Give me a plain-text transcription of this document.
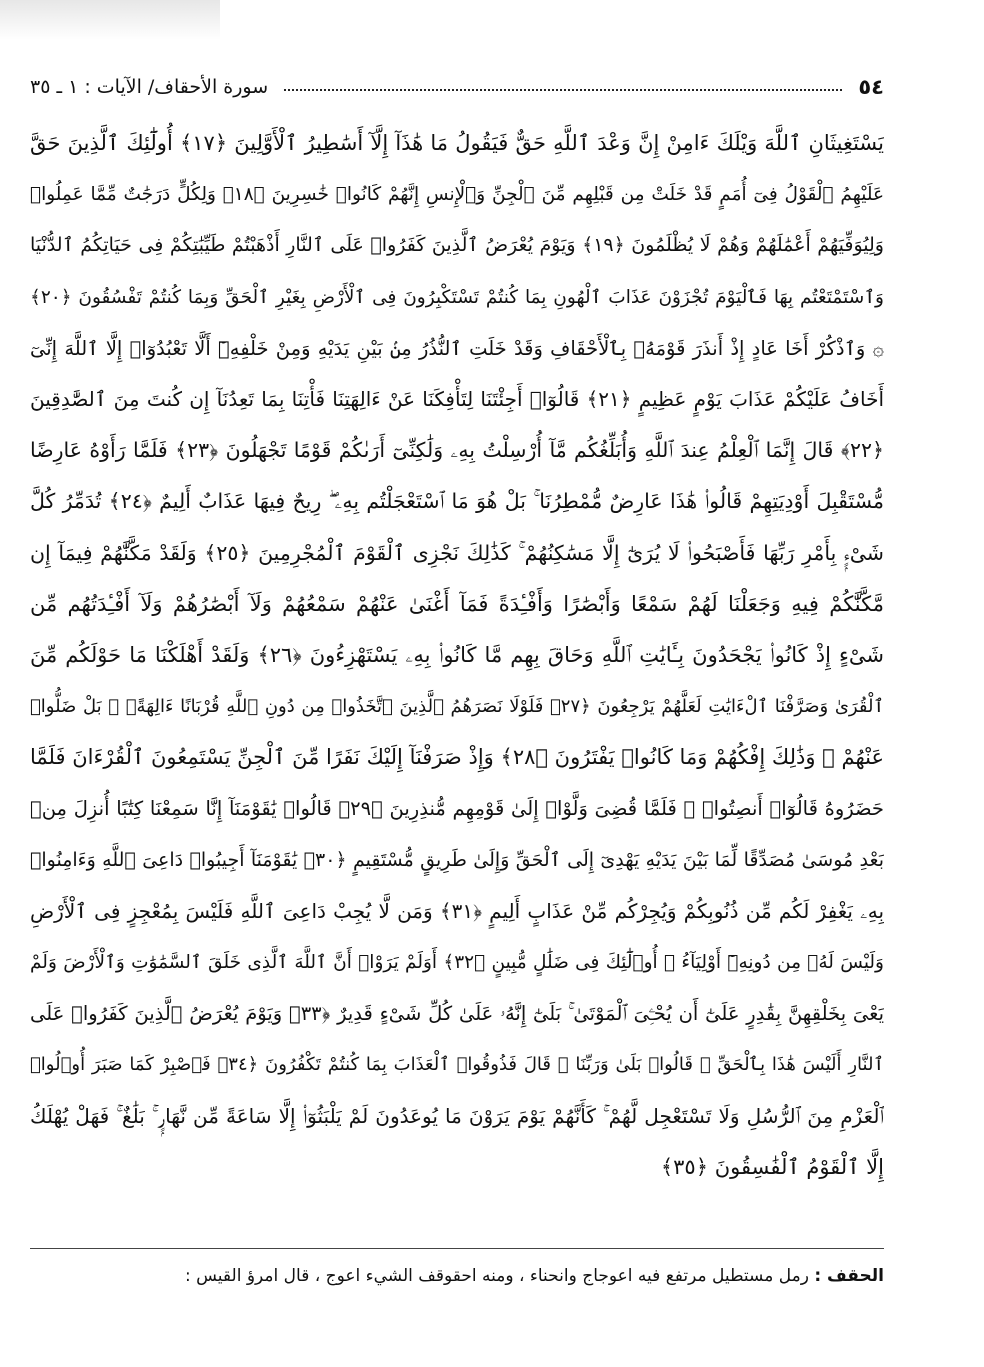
٥٤
سورة الأحقاف/ الآيات : ١ ـ ٣٥
يَسْتَغِيثَانِ ٱللَّهَ وَيْلَكَ ءَامِنْ إِنَّ وَعْدَ ٱللَّهِ حَقٌّ فَيَقُولُ مَا هَٰذَآ إِلَّآ أَسَٰطِيرُ ٱلْأَوَّلِينَ ﴿١٧﴾ أُولَٰٓئِكَ ٱلَّذِينَ حَقَّ
عَلَيْهِمُ ٱلْقَوْلُ فِىٓ أُمَمٍ قَدْ خَلَتْ مِن قَبْلِهِم مِّنَ ٱلْجِنِّ وَٱلْإِنسِ إِنَّهُمْ كَانُوا۟ خَٰسِرِينَ ﴿١٨﴾ وَلِكُلٍّ دَرَجَٰتٌ مِّمَّا عَمِلُوا۟
وَلِيُوَفِّيَهُمْ أَعْمَٰلَهُمْ وَهُمْ لَا يُظْلَمُونَ ﴿١٩﴾ وَيَوْمَ يُعْرَضُ ٱلَّذِينَ كَفَرُوا۟ عَلَى ٱلنَّارِ أَذْهَبْتُمْ طَيِّبَٰتِكُمْ فِى حَيَاتِكُمُ ٱلدُّنْيَا
وَٱسْتَمْتَعْتُم بِهَا فَٱلْيَوْمَ تُجْزَوْنَ عَذَابَ ٱلْهُونِ بِمَا كُنتُمْ تَسْتَكْبِرُونَ فِى ٱلْأَرْضِ بِغَيْرِ ٱلْحَقِّ وَبِمَا كُنتُمْ تَفْسُقُونَ ﴿٢٠﴾
۞ وَٱذْكُرْ أَخَا عَادٍ إِذْ أَنذَرَ قَوْمَهُۥ بِٱلْأَحْقَافِ وَقَدْ خَلَتِ ٱلنُّذُرُ مِنۢ بَيْنِ يَدَيْهِ وَمِنْ خَلْفِهِۦٓ أَلَّا تَعْبُدُوٓا۟ إِلَّا ٱللَّهَ إِنِّىٓ
أَخَافُ عَلَيْكُمْ عَذَابَ يَوْمٍ عَظِيمٍ ﴿٢١﴾ قَالُوٓا۟ أَجِئْتَنَا لِتَأْفِكَنَا عَنْ ءَالِهَتِنَا فَأْتِنَا بِمَا تَعِدُنَآ إِن كُنتَ مِنَ ٱلصَّٰدِقِينَ
﴿٢٢﴾ قَالَ إِنَّمَا ٱلْعِلْمُ عِندَ ٱللَّهِ وَأُبَلِّغُكُم مَّآ أُرْسِلْتُ بِهِۦ وَلَٰكِنِّىٓ أَرَىٰكُمْ قَوْمًا تَجْهَلُونَ ﴿٢٣﴾ فَلَمَّا رَأَوْهُ عَارِضًا
مُّسْتَقْبِلَ أَوْدِيَتِهِمْ قَالُوا۟ هَٰذَا عَارِضٌ مُّمْطِرُنَا ۚ بَلْ هُوَ مَا ٱسْتَعْجَلْتُم بِهِۦ ۖ رِيحٌ فِيهَا عَذَابٌ أَلِيمٌ ﴿٢٤﴾ تُدَمِّرُ كُلَّ
شَىْءٍۭ بِأَمْرِ رَبِّهَا فَأَصْبَحُوا۟ لَا يُرَىٰٓ إِلَّا مَسَٰكِنُهُمْ ۚ كَذَٰلِكَ نَجْزِى ٱلْقَوْمَ ٱلْمُجْرِمِينَ ﴿٢٥﴾ وَلَقَدْ مَكَّنَّٰهُمْ فِيمَآ إِن
مَّكَّنَّٰكُمْ فِيهِ وَجَعَلْنَا لَهُمْ سَمْعًا وَأَبْصَٰرًا وَأَفْـِٔدَةً فَمَآ أَغْنَىٰ عَنْهُمْ سَمْعُهُمْ وَلَآ أَبْصَٰرُهُمْ وَلَآ أَفْـِٔدَتُهُم مِّن
شَىْءٍ إِذْ كَانُوا۟ يَجْحَدُونَ بِـَٔايَٰتِ ٱللَّهِ وَحَاقَ بِهِم مَّا كَانُوا۟ بِهِۦ يَسْتَهْزِءُونَ ﴿٢٦﴾ وَلَقَدْ أَهْلَكْنَا مَا حَوْلَكُم مِّنَ
ٱلْقُرَىٰ وَصَرَّفْنَا ٱلْءَايَٰتِ لَعَلَّهُمْ يَرْجِعُونَ ﴿٢٧﴾ فَلَوْلَا نَصَرَهُمُ ٱلَّذِينَ ٱتَّخَذُوا۟ مِن دُونِ ٱللَّهِ قُرْبَانًا ءَالِهَةًۢ ۖ بَلْ ضَلُّوا۟
عَنْهُمْ ۚ وَذَٰلِكَ إِفْكُهُمْ وَمَا كَانُوا۟ يَفْتَرُونَ ﴿٢٨﴾ وَإِذْ صَرَفْنَآ إِلَيْكَ نَفَرًا مِّنَ ٱلْجِنِّ يَسْتَمِعُونَ ٱلْقُرْءَانَ فَلَمَّا
حَضَرُوهُ قَالُوٓا۟ أَنصِتُوا۟ ۖ فَلَمَّا قُضِىَ وَلَّوْا۟ إِلَىٰ قَوْمِهِم مُّنذِرِينَ ﴿٢٩﴾ قَالُوا۟ يَٰقَوْمَنَآ إِنَّا سَمِعْنَا كِتَٰبًا أُنزِلَ مِنۢ
بَعْدِ مُوسَىٰ مُصَدِّقًا لِّمَا بَيْنَ يَدَيْهِ يَهْدِىٓ إِلَى ٱلْحَقِّ وَإِلَىٰ طَرِيقٍ مُّسْتَقِيمٍ ﴿٣٠﴾ يَٰقَوْمَنَآ أَجِيبُوا۟ دَاعِىَ ٱللَّهِ وَءَامِنُوا۟
بِهِۦ يَغْفِرْ لَكُم مِّن ذُنُوبِكُمْ وَيُجِرْكُم مِّنْ عَذَابٍ أَلِيمٍ ﴿٣١﴾ وَمَن لَّا يُجِبْ دَاعِىَ ٱللَّهِ فَلَيْسَ بِمُعْجِزٍ فِى ٱلْأَرْضِ
وَلَيْسَ لَهُۥ مِن دُونِهِۦٓ أَوْلِيَآءُ ۚ أُو۟لَٰٓئِكَ فِى ضَلَٰلٍ مُّبِينٍ ﴿٣٢﴾ أَوَلَمْ يَرَوْا۟ أَنَّ ٱللَّهَ ٱلَّذِى خَلَقَ ٱلسَّمَٰوَٰتِ وَٱلْأَرْضَ وَلَمْ
يَعْىَ بِخَلْقِهِنَّ بِقَٰدِرٍ عَلَىٰٓ أَن يُحْـِۧىَ ٱلْمَوْتَىٰ ۚ بَلَىٰٓ إِنَّهُۥ عَلَىٰ كُلِّ شَىْءٍ قَدِيرٌ ﴿٣٣﴾ وَيَوْمَ يُعْرَضُ ٱلَّذِينَ كَفَرُوا۟ عَلَى
ٱلنَّارِ أَلَيْسَ هَٰذَا بِٱلْحَقِّ ۖ قَالُوا۟ بَلَىٰ وَرَبِّنَا ۚ قَالَ فَذُوقُوا۟ ٱلْعَذَابَ بِمَا كُنتُمْ تَكْفُرُونَ ﴿٣٤﴾ فَٱصْبِرْ كَمَا صَبَرَ أُو۟لُوا۟
ٱلْعَزْمِ مِنَ ٱلرُّسُلِ وَلَا تَسْتَعْجِل لَّهُمْ ۚ كَأَنَّهُمْ يَوْمَ يَرَوْنَ مَا يُوعَدُونَ لَمْ يَلْبَثُوٓا۟ إِلَّا سَاعَةً مِّن نَّهَارٍۭ ۚ بَلَٰغٌ ۚ فَهَلْ يُهْلَكُ
إِلَّا ٱلْقَوْمُ ٱلْفَٰسِقُونَ ﴿٣٥﴾
الحقف : رمل مستطيل مرتفع فيه اعوجاج وانحناء ، ومنه احقوقف الشيء اعوج ، قال امرؤ القيس :
